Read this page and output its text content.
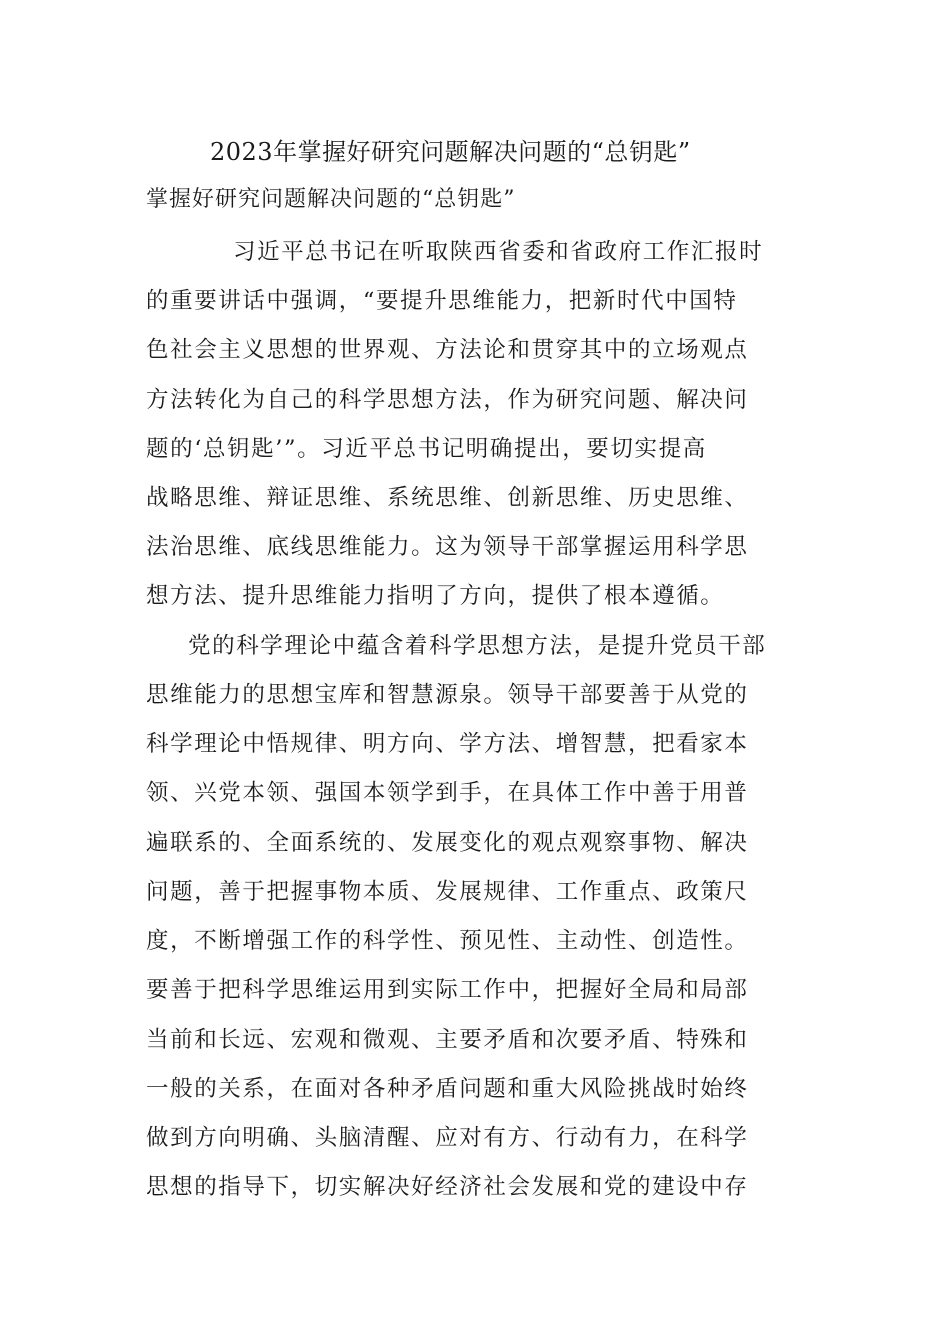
2023年掌握好研究问题解决问题的“总钥匙”
掌握好研究问题解决问题的“总钥匙”
习近平总书记在听取陕西省委和省政府工作汇报时
的重要讲话中强调，“要提升思维能力，把新时代中国特
色社会主义思想的世界观、方法论和贯穿其中的立场观点
方法转化为自己的科学思想方法，作为研究问题、解决问
题的‘总钥匙’”。习近平总书记明确提出，要切实提高
战略思维、辩证思维、系统思维、创新思维、历史思维、
法治思维、底线思维能力。这为领导干部掌握运用科学思
想方法、提升思维能力指明了方向，提供了根本遵循。
党的科学理论中蕴含着科学思想方法，是提升党员干部
思维能力的思想宝库和智慧源泉。领导干部要善于从党的
科学理论中悟规律、明方向、学方法、增智慧，把看家本
领、兴党本领、强国本领学到手，在具体工作中善于用普
遍联系的、全面系统的、发展变化的观点观察事物、解决
问题，善于把握事物本质、发展规律、工作重点、政策尺
度，不断增强工作的科学性、预见性、主动性、创造性。
要善于把科学思维运用到实际工作中，把握好全局和局部
当前和长远、宏观和微观、主要矛盾和次要矛盾、特殊和
一般的关系，在面对各种矛盾问题和重大风险挑战时始终
做到方向明确、头脑清醒、应对有方、行动有力，在科学
思想的指导下，切实解决好经济社会发展和党的建设中存
